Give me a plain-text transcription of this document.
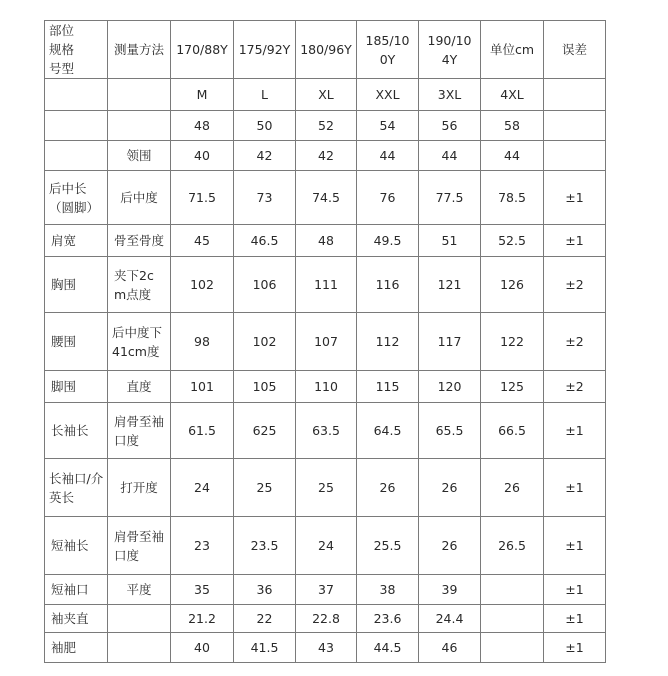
部位规格号型	测量方法	170/88Y	175/92Y	180/96Y	185/100Y	190/104Y	单位cm	误差
		M	L	XL	XXL	3XL	4XL	
		48	50	52	54	56	58	
	领围	40	42	42	44	44	44	
后中长（圆脚）	后中度	71.5	73	74.5	76	77.5	78.5	±1
肩宽	骨至骨度	45	46.5	48	49.5	51	52.5	±1
胸围	夹下2cm点度	102	106	111	116	121	126	±2
腰围	后中度下41cm度	98	102	107	112	117	122	±2
脚围	直度	101	105	110	115	120	125	±2
长袖长	肩骨至袖口度	61.5	625	63.5	64.5	65.5	66.5	±1
长袖口/介英长	打开度	24	25	25	26	26	26	±1
短袖长	肩骨至袖口度	23	23.5	24	25.5	26	26.5	±1
短袖口	平度	35	36	37	38	39		±1
袖夹直		21.2	22	22.8	23.6	24.4		±1
袖肥		40	41.5	43	44.5	46		±1
